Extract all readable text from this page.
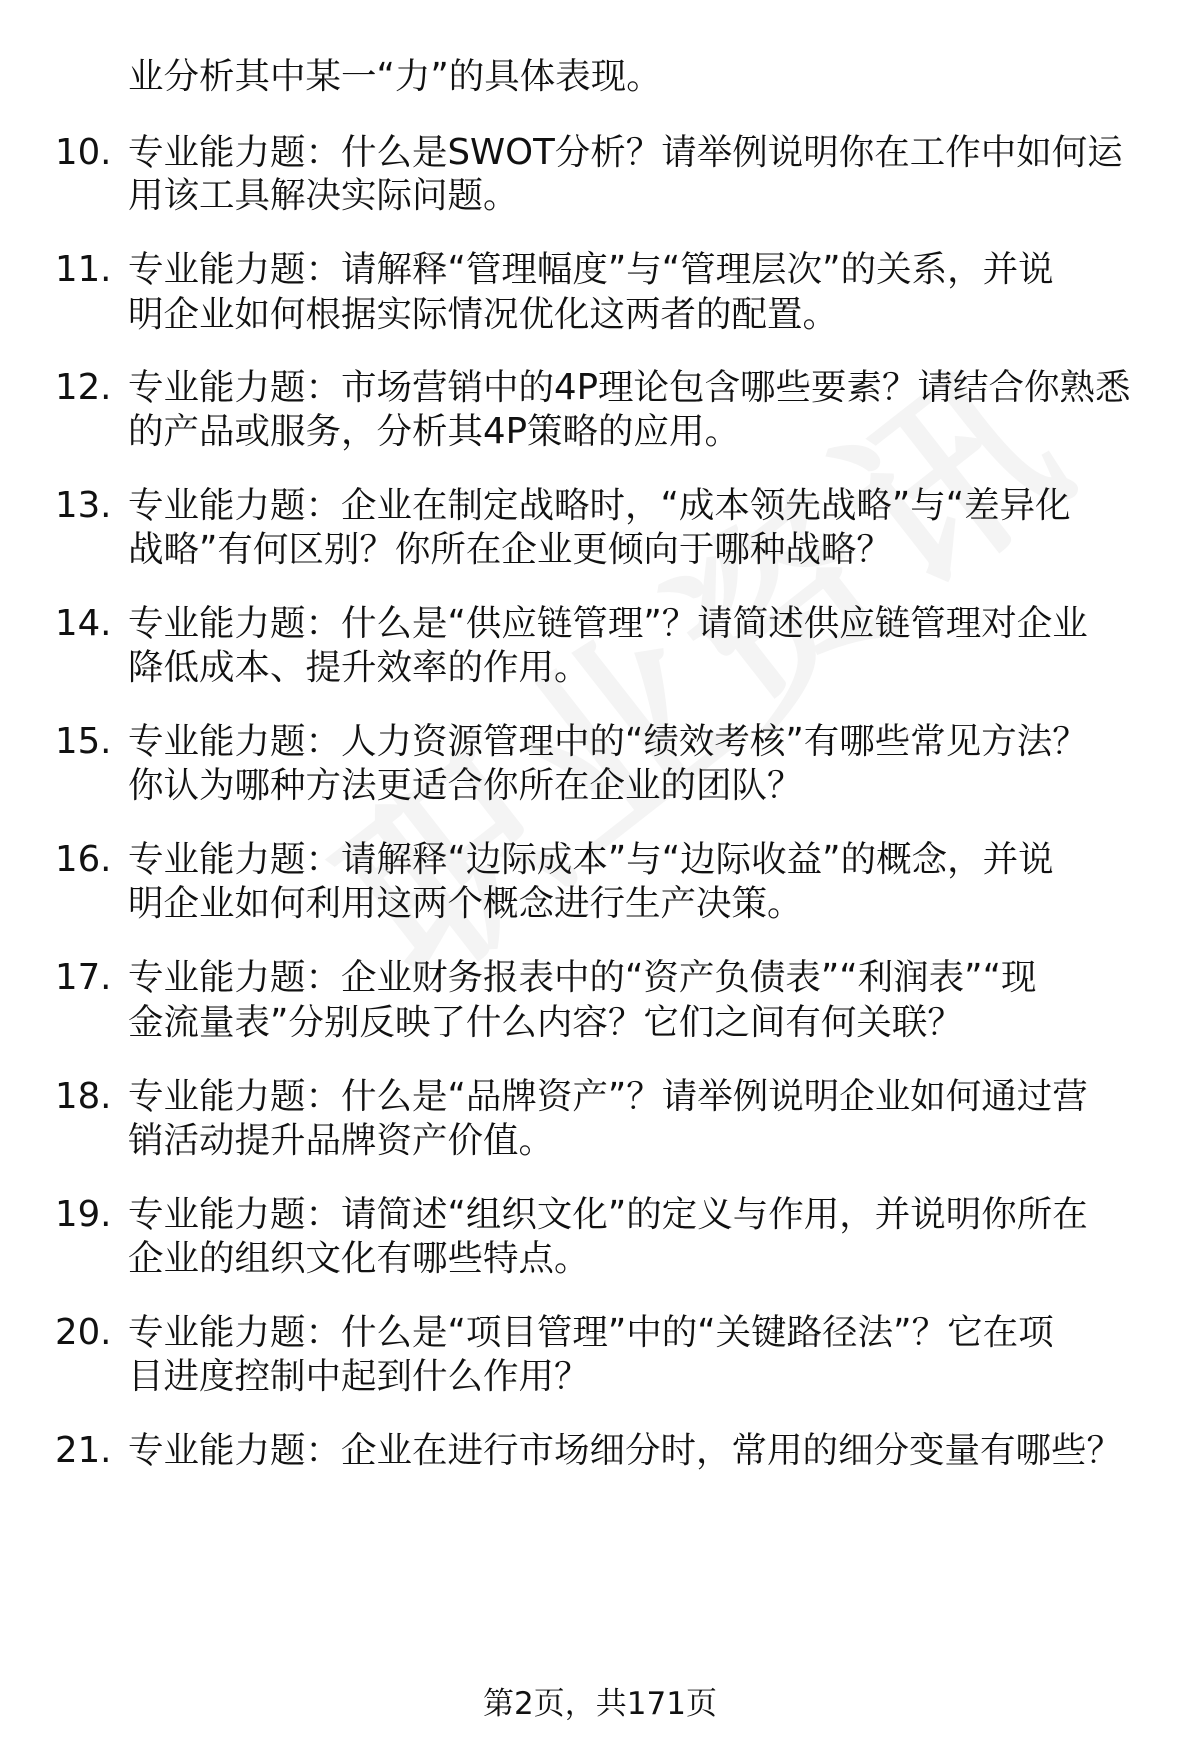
业分析其中某一“力”的具体表现。
10. 专业能力题：什么是SWOT分析？请举例说明你在工作中如何运
用该工具解决实际问题。
11. 专业能力题：请解释“管理幅度”与“管理层次”的关系，并说
明企业如何根据实际情况优化这两者的配置。
12. 专业能力题：市场营销中的4P理论包含哪些要素？请结合你熟悉
的产品或服务，分析其4P策略的应用。
13. 专业能力题：企业在制定战略时，“成本领先战略”与“差异化
战略”有何区别？你所在企业更倾向于哪种战略？
14. 专业能力题：什么是“供应链管理”？请简述供应链管理对企业
降低成本、提升效率的作用。
15. 专业能力题：人力资源管理中的“绩效考核”有哪些常见方法？
你认为哪种方法更适合你所在企业的团队？
16. 专业能力题：请解释“边际成本”与“边际收益”的概念，并说
明企业如何利用这两个概念进行生产决策。
17. 专业能力题：企业财务报表中的“资产负债表”“利润表”“现
金流量表”分别反映了什么内容？它们之间有何关联？
18. 专业能力题：什么是“品牌资产”？请举例说明企业如何通过营
销活动提升品牌资产价值。
19. 专业能力题：请简述“组织文化”的定义与作用，并说明你所在
企业的组织文化有哪些特点。
20. 专业能力题：什么是“项目管理”中的“关键路径法”？它在项
目进度控制中起到什么作用？
21. 专业能力题：企业在进行市场细分时，常用的细分变量有哪些？
第2页，共171页
